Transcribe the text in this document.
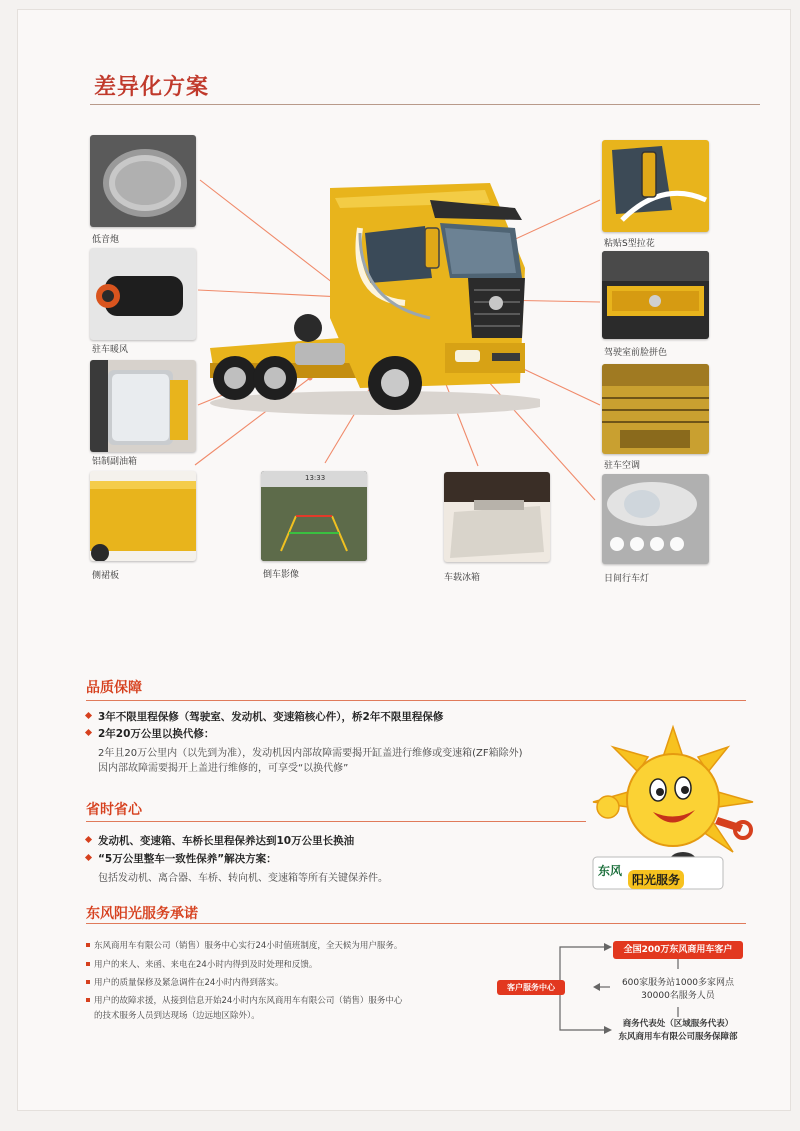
差异化方案
低音炮
驻车暖风
铝制副油箱
侧裙板
13:33
倒车影像	车载冰箱
粘贴S型拉花
驾驶室前脸拼色
驻车空调
日间行车灯
品质保障
3年不限里程保修（驾驶室、发动机、变速箱核心件），桥2年不限里程保修
2年20万公里以换代修：
2年且20万公里内（以先到为准），发动机因内部故障需要揭开缸盖进行维修或变速箱(ZF箱除外)
因内部故障需要揭开上盖进行维修的，可享受“以换代修”
省时省心
发动机、变速箱、车桥长里程保养达到10万公里长换油
“5万公里整车一致性保养”解决方案：
包括发动机、离合器、车桥、转向机、变速箱等所有关键保养件。
东风
阳光服务
东风阳光服务承诺
东风商用车有限公司（销售）服务中心实行24小时值班制度，全天候为用户服务。
用户的来人、来函、来电在24小时内得到及时处理和反馈。
用户的质量保修及紧急调件在24小时内得到落实。
用户的故障求援，从接到信息开始24小时内东风商用车有限公司（销售）服务中心
的技术服务人员到达现场（边远地区除外）。
全国200万东风商用车客户
客户服务中心	600家服务站1000多家网点
30000名服务人员
商务代表处（区域服务代表）
东风商用车有限公司服务保障部
